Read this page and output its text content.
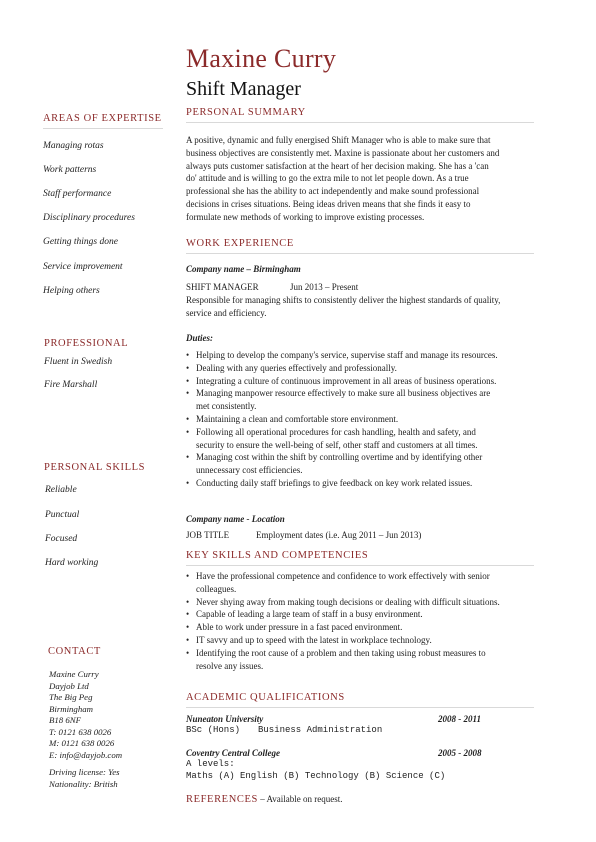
Maxine Curry
Shift Manager
AREAS OF EXPERTISE
Managing rotas
Work patterns
Staff performance
Disciplinary procedures
Getting things done
Service improvement
Helping others
PROFESSIONAL
Fluent in Swedish
Fire Marshall
PERSONAL SKILLS
Reliable
Punctual
Focused
Hard working
CONTACT
Maxine Curry
Dayjob Ltd
The Big Peg
Birmingham
B18 6NF
T: 0121 638 0026
M: 0121 638 0026
E: info@dayjob.com
Driving license: Yes
Nationality: British
PERSONAL SUMMARY
A positive, dynamic and fully energised Shift Manager who is able to make sure that
business objectives are consistently met. Maxine is passionate about her customers and
always puts customer satisfaction at the heart of her decision making. She has a 'can
do' attitude and is willing to go the extra mile to not let people down. As a true
professional she has the ability to act independently and make sound professional
decisions in crises situations. Being ideas driven means that she finds it easy to
formulate new methods of working to improve existing processes.
WORK EXPERIENCE
Company name – Birmingham
SHIFT MANAGER	Jun 2013 – Present
Responsible for managing shifts to consistently deliver the highest standards of quality,
service and efficiency.
Duties:
• Helping to develop the company's service, supervise staff and manage its resources.
• Dealing with any queries effectively and professionally.
• Integrating a culture of continuous improvement in all areas of business operations.
• Managing manpower resource effectively to make sure all business objectives are
met consistently.
• Maintaining a clean and comfortable store environment.
• Following all operational procedures for cash handling, health and safety, and
security to ensure the well-being of self, other staff and customers at all times.
• Managing cost within the shift by controlling overtime and by identifying other
unnecessary cost efficiencies.
• Conducting daily staff briefings to give feedback on key work related issues.
Company name - Location
JOB TITLE	Employment dates (i.e. Aug 2011 – Jun 2013)
KEY SKILLS AND COMPETENCIES
• Have the professional competence and confidence to work effectively with senior
colleagues.
• Never shying away from making tough decisions or dealing with difficult situations.
• Capable of leading a large team of staff in a busy environment.
• Able to work under pressure in a fast paced environment.
• IT savvy and up to speed with the latest in workplace technology.
• Identifying the root cause of a problem and then taking using robust measures to
resolve any issues.
ACADEMIC QUALIFICATIONS
Nuneaton University	2008 - 2011
BSc (Hons) Business Administration
Coventry Central College	2005 - 2008
A levels:
Maths (A) English (B) Technology (B) Science (C)
REFERENCES – Available on request.
